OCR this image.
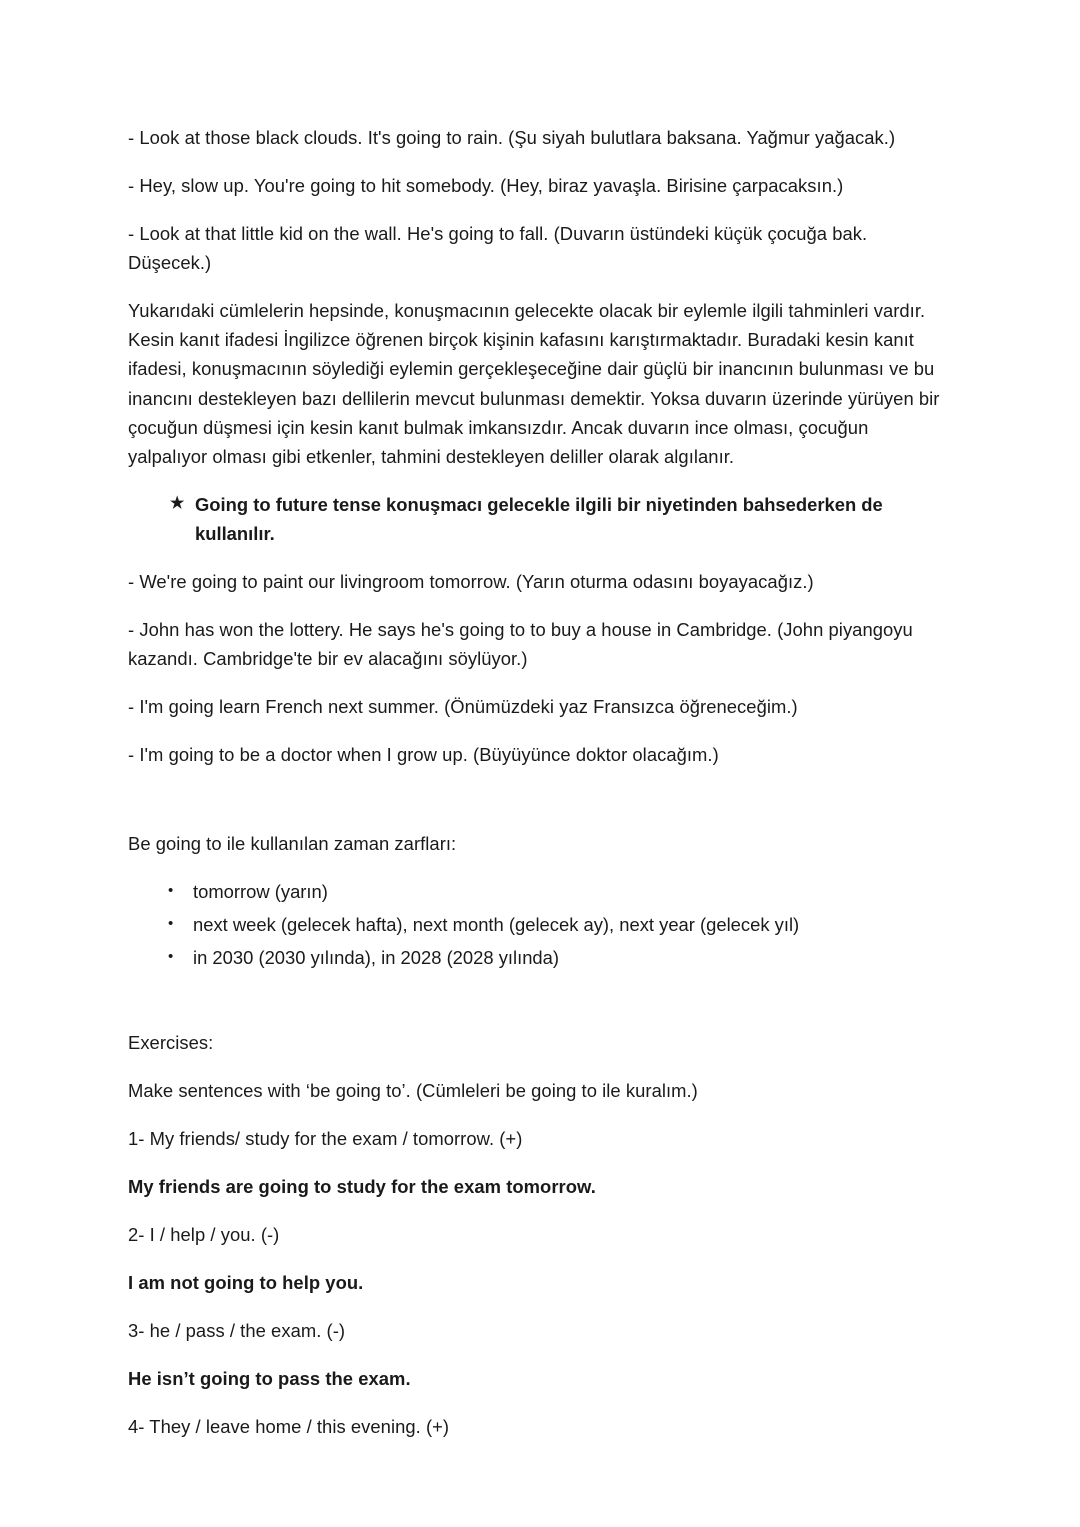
- Look at those black clouds. It's going to rain. (Şu siyah bulutlara baksana. Yağmur yağacak.)

- Hey, slow up. You're going to hit somebody. (Hey, biraz yavaşla. Birisine çarpacaksın.)

- Look at that little kid on the wall. He's going to fall. (Duvarın üstündeki küçük çocuğa bak. Düşecek.)

Yukarıdaki cümlelerin hepsinde, konuşmacının gelecekte olacak bir eylemle ilgili tahminleri vardır. Kesin kanıt ifadesi İngilizce öğrenen birçok kişinin kafasını karıştırmaktadır. Buradaki kesin kanıt ifadesi, konuşmacının söylediği eylemin gerçekleşeceğine dair güçlü bir inancının bulunması ve bu inancını destekleyen bazı dellilerin mevcut bulunması demektir. Yoksa duvarın üzerinde yürüyen bir çocuğun düşmesi için kesin kanıt bulmak imkansızdır. Ancak duvarın ince olması, çocuğun yalpalıyor olması gibi etkenler, tahmini destekleyen deliller olarak algılanır.

★ Going to future tense konuşmacı gelecekle ilgili bir niyetinden bahsederken de kullanılır.

- We're going to paint our livingroom tomorrow. (Yarın oturma odasını boyayacağız.)

- John has won the lottery. He says he's going to to buy a house in Cambridge. (John piyangoyu kazandı. Cambridge'te bir ev alacağını söylüyor.)

- I'm going learn French next summer. (Önümüzdeki yaz Fransızca öğreneceğim.)

- I'm going to be a doctor when I grow up. (Büyüyünce doktor olacağım.)

Be going to ile kullanılan zaman zarfları:

• tomorrow (yarın)
• next week (gelecek hafta), next month (gelecek ay), next year (gelecek yıl)
• in 2030 (2030 yılında), in 2028 (2028 yılında)

Exercises:

Make sentences with ‘be going to’. (Cümleleri be going to ile kuralım.)

1- My friends/ study for the exam / tomorrow. (+)

My friends are going to study for the exam tomorrow.

2- I / help / you. (-)

I am not going to help you.

3- he / pass / the exam. (-)

He isn’t going to pass the exam.

4- They / leave home / this evening. (+)
